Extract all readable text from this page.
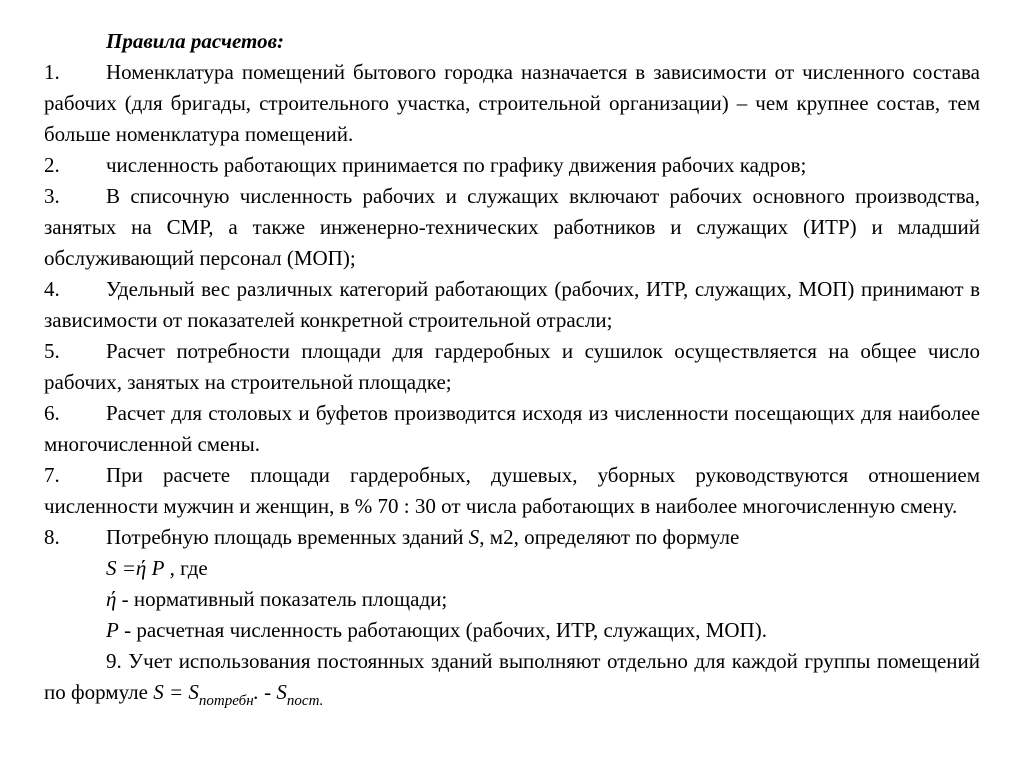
Правила расчетов:
1. Номенклатура помещений бытового городка назначается в зависимости от численного состава рабочих (для бригады, строительного участка, строительной организации) – чем крупнее состав, тем больше номенклатура помещений.
2. численность работающих принимается по графику движения рабочих кадров;
3. В списочную численность рабочих и служащих включают рабочих основного производства, занятых на СМР, а также инженерно-технических работников и служащих (ИТР) и младший обслуживающий персонал (МОП);
4. Удельный вес различных категорий работающих (рабочих, ИТР, служащих, МОП) принимают в зависимости от показателей конкретной строительной отрасли;
5. Расчет потребности площади для гардеробных и сушилок осуществляется на общее число рабочих, занятых на строительной площадке;
6. Расчет для столовых и буфетов производится исходя из численности посещающих для наиболее многочисленной смены.
7. При расчете площади гардеробных, душевых, уборных руководствуются отношением численности мужчин и женщин, в % 70 : 30 от числа работающих в наиболее многочисленную смену.
8. Потребную площадь временных зданий S, м2, определяют по формуле
S =ή P , где
ή - нормативный показатель площади;
P - расчетная численность работающих (рабочих, ИТР, служащих, МОП).
9. Учет использования постоянных зданий выполняют отдельно для каждой группы помещений по формуле $S = S_{потребн}$. - $S_{пост.}$
